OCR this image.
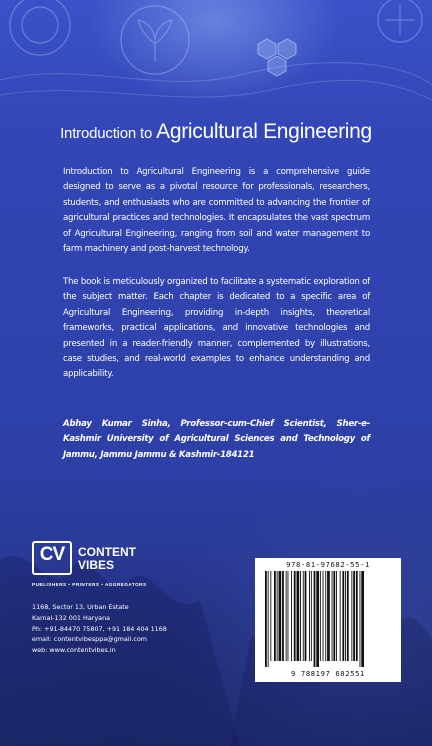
Introduction to Agricultural Engineering

Introduction to Agricultural Engineering is a comprehensive guide designed to serve as a pivotal resource for professionals, researchers, students, and enthusiasts who are committed to advancing the frontier of agricultural practices and technologies. It encapsulates the vast spectrum of Agricultural Engineering, ranging from soil and water management to farm machinery and post-harvest technology.

The book is meticulously organized to facilitate a systematic exploration of the subject matter. Each chapter is dedicated to a specific area of Agricultural Engineering, providing in-depth insights, theoretical frameworks, practical applications, and innovative technologies and presented in a reader-friendly manner, complemented by illustrations, case studies, and real-world examples to enhance understanding and applicability.

Abhay Kumar Sinha, Professor-cum-Chief Scientist, Sher-e-Kashmir University of Agricultural Sciences and Technology of Jammu, Jammu Jammu & Kashmir-184121

CV	CONTENT
VIBES
PUBLISHERS • PRINTERS • AGGREGATORS
1168, Sector 13, Urban Estate
Karnal-132 001 Haryana
Ph: +91-84470 75807, +91 184 404 1168
email: contentvibesppa@gmail.com
web: www.contentvibes.in
978-81-97682-55-1
9 788197 682551
